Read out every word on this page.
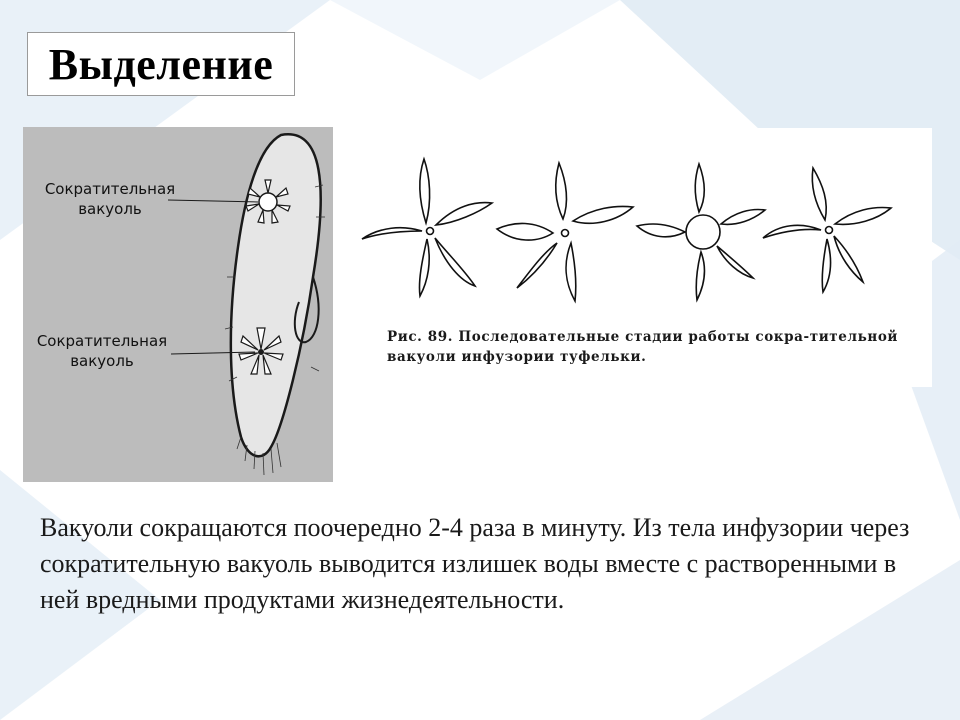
Выделение
Сократительная вакуоль
Сократительная вакуоль
Рис. 89. Последовательные стадии работы сокра-тительной вакуоли инфузории туфельки.
Вакуоли сокращаются поочередно 2-4 раза в минуту. Из тела инфузории через сократительную вакуоль выводится излишек воды вместе с растворенными в ней вредными продуктами жизнедеятельности.
